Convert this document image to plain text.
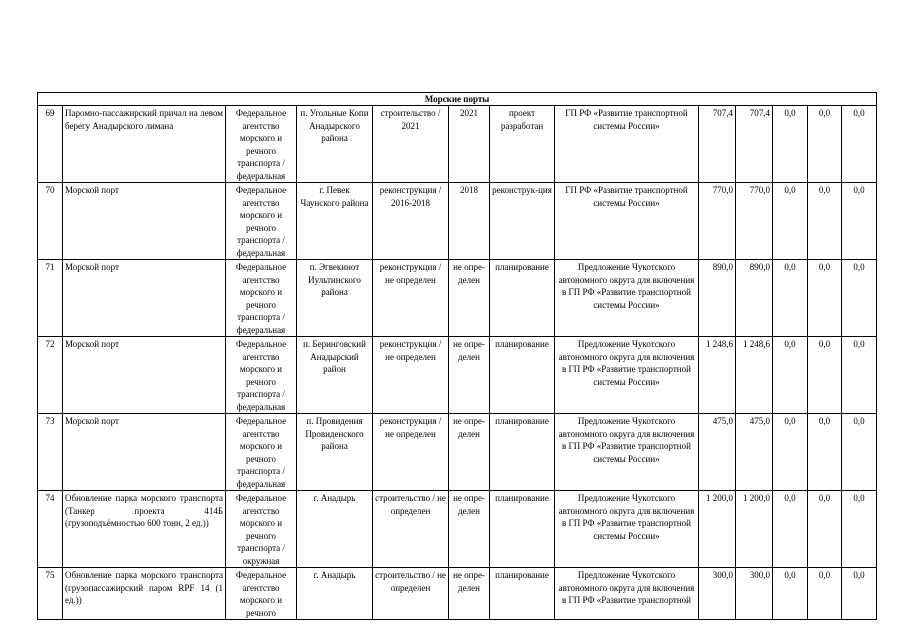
Морские порты												
69	Паромно-пассажирский причал на левом берегу Анадырского лимана	Федеральное агентство морского и речного транспорта / федеральная	п. Угольные Копи Анадырского района	строительство / 2021	2021	проект разработан	ГП РФ «Развитие транспортной системы России»	707,4	707,4	0,0	0,0	0,0
70	Морской порт	Федеральное агентство морского и речного транспорта / федеральная	г. Певек Чаунского района	реконструкция / 2016-2018	2018	реконструк-ция	ГП РФ «Развитие транспортной системы России»	770,0	770,0	0,0	0,0	0,0
71	Морской порт	Федеральное агентство морского и речного транспорта / федеральная	п. Эгвекинот Иультинского района	реконструкция / не определен	не опре-делен	планирование	Предложение Чукотского автономного округа для включения в ГП РФ «Развитие транспортной системы России»	890,0	890,0	0,0	0,0	0,0
72	Морской порт	Федеральное агентство морского и речного транспорта / федеральная	п. Беринговский Анадырский район	реконструкция / не определен	не опре-делен	планирование	Предложение Чукотского автономного округа для включения в ГП РФ «Развитие транспортной системы России»	1 248,6	1 248,6	0,0	0,0	0,0
73	Морской порт	Федеральное агентство морского и речного транспорта / федеральная	п. Провидения Провиденского района	реконструкция / не определен	не опре-делен	планирование	Предложение Чукотского автономного округа для включения в ГП РФ «Развитие транспортной системы России»	475,0	475,0	0,0	0,0	0,0
74	Обновление парка морского транспорта (Танкер проекта 414Б (грузоподъёмностью 600 тонн, 2 ед.))	Федеральное агентство морского и речного транспорта / окружная	г. Анадырь	строительство / не определен	не опре-делен	планирование	Предложение Чукотского автономного округа для включения в ГП РФ «Развитие транспортной системы России»	1 200,0	1 200,0	0,0	0,0	0,0
75	Обновление парка морского транспорта (грузопассажирский паром RPF 14 (1 ед.))	Федеральное агентство морского и речного	г. Анадырь	строительство / не определен	не опре-делен	планирование	Предложение Чукотского автономного округа для включения в ГП РФ «Развитие транспортной	300,0	300,0	0,0	0,0	0,0
